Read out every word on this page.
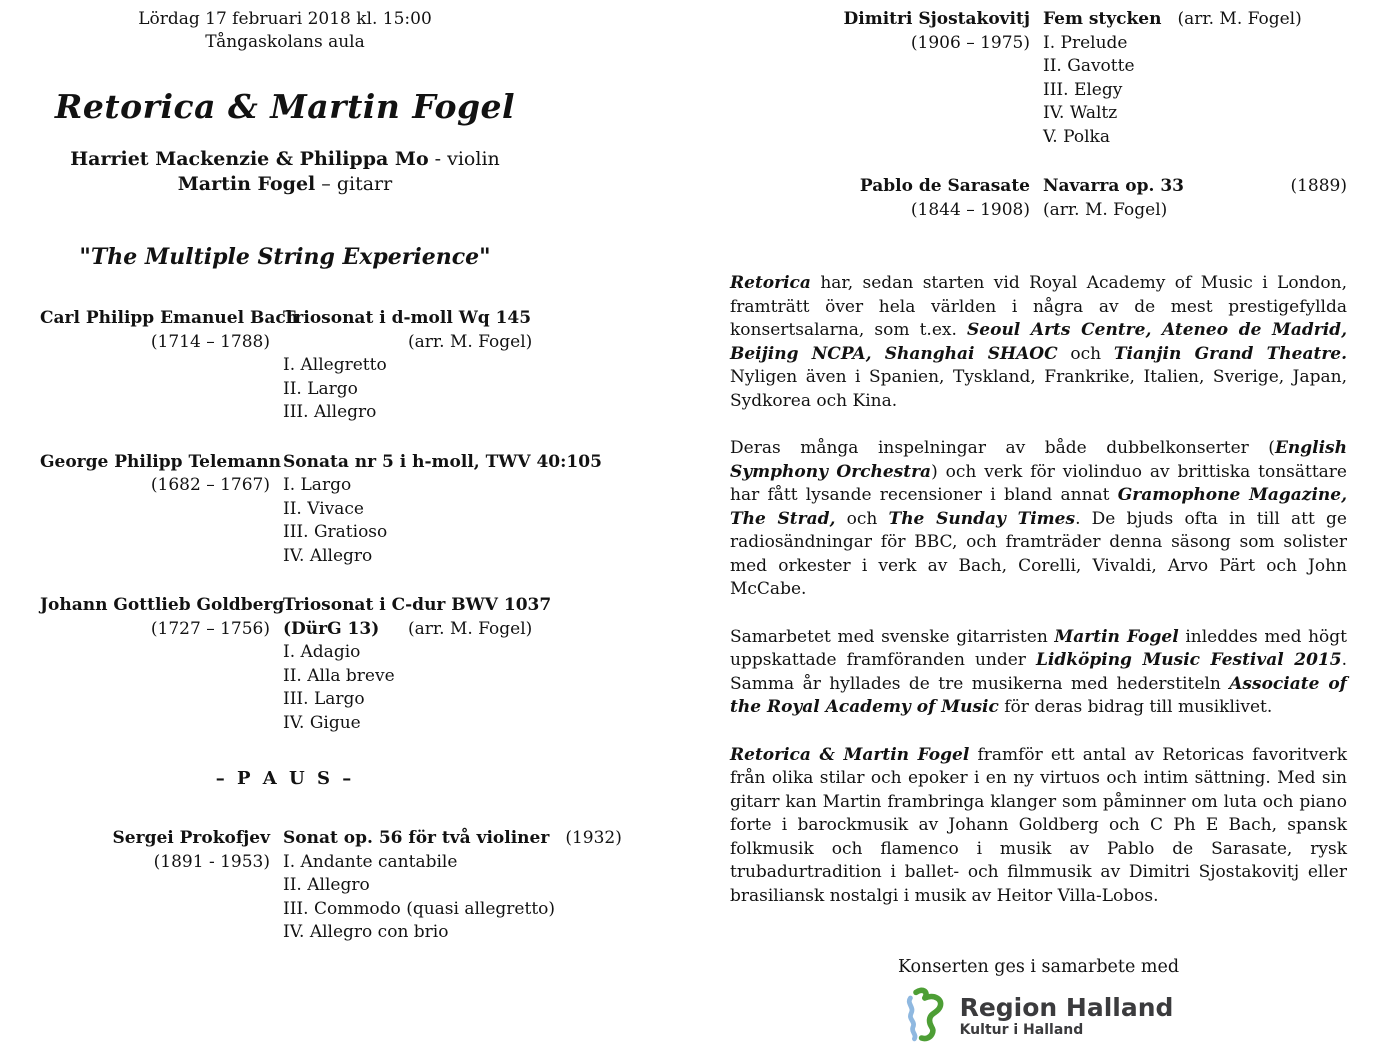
Lördag 17 februari 2018 kl. 15:00
Tångaskolans aula
Retorica & Martin Fogel
Harriet Mackenzie & Philippa Mo - violin
Martin Fogel – gitarr
"The Multiple String Experience"
Carl Philipp Emanuel Bach
(1714 – 1788)
Triosonat i d-moll Wq 145
(arr. M. Fogel)
I. Allegretto
II. Largo
III. Allegro
George Philipp Telemann
(1682 – 1767)
Sonata nr 5 i h-moll, TWV 40:105
I. Largo
II. Vivace
III. Gratioso
IV. Allegro
Johann Gottlieb Goldberg
(1727 – 1756)
Triosonat i C-dur BWV 1037
(DürG 13) (arr. M. Fogel)
I. Adagio
II. Alla breve
III. Largo
IV. Gigue
– P A U S –
Sergei Prokofjev
(1891 - 1953)
Sonat op. 56 för två violiner (1932)
I. Andante cantabile
II. Allegro
III. Commodo (quasi allegretto)
IV. Allegro con brio
Dimitri Sjostakovitj
(1906 – 1975)
Fem stycken (arr. M. Fogel)
I. Prelude
II. Gavotte
III. Elegy
IV. Waltz
V. Polka
Pablo de Sarasate
(1844 – 1908)
Navarra op. 33	(1889)
(arr. M. Fogel)

Retorica har, sedan starten vid Royal Academy of Music i London, framträtt över hela världen i några av de mest prestigefyllda konsertsalarna, som t.ex. Seoul Arts Centre, Ateneo de Madrid, Beijing NCPA, Shanghai SHAOC och Tianjin Grand Theatre. Nyligen även i Spanien, Tyskland, Frankrike, Italien, Sverige, Japan, Sydkorea och Kina.

Deras många inspelningar av både dubbelkonserter (English Symphony Orchestra) och verk för violinduo av brittiska tonsättare har fått lysande recensioner i bland annat Gramophone Magazine, The Strad, och The Sunday Times. De bjuds ofta in till att ge radiosändningar för BBC, och framträder denna säsong som solister med orkester i verk av Bach, Corelli, Vivaldi, Arvo Pärt och John McCabe.

Samarbetet med svenske gitarristen Martin Fogel inleddes med högt uppskattade framföranden under Lidköping Music Festival 2015. Samma år hyllades de tre musikerna med hederstiteln Associate of the Royal Academy of Music för deras bidrag till musiklivet.

Retorica & Martin Fogel framför ett antal av Retoricas favoritverk från olika stilar och epoker i en ny virtuos och intim sättning. Med sin gitarr kan Martin frambringa klanger som påminner om luta och piano forte i barockmusik av Johann Goldberg och C Ph E Bach, spansk folkmusik och flamenco i musik av Pablo de Sarasate, rysk trubadurtradition i ballet- och filmmusik av Dimitri Sjostakovitj eller brasiliansk nostalgi i musik av Heitor Villa-Lobos.

Konserten ges i samarbete med
Region Halland
Kultur i Halland
